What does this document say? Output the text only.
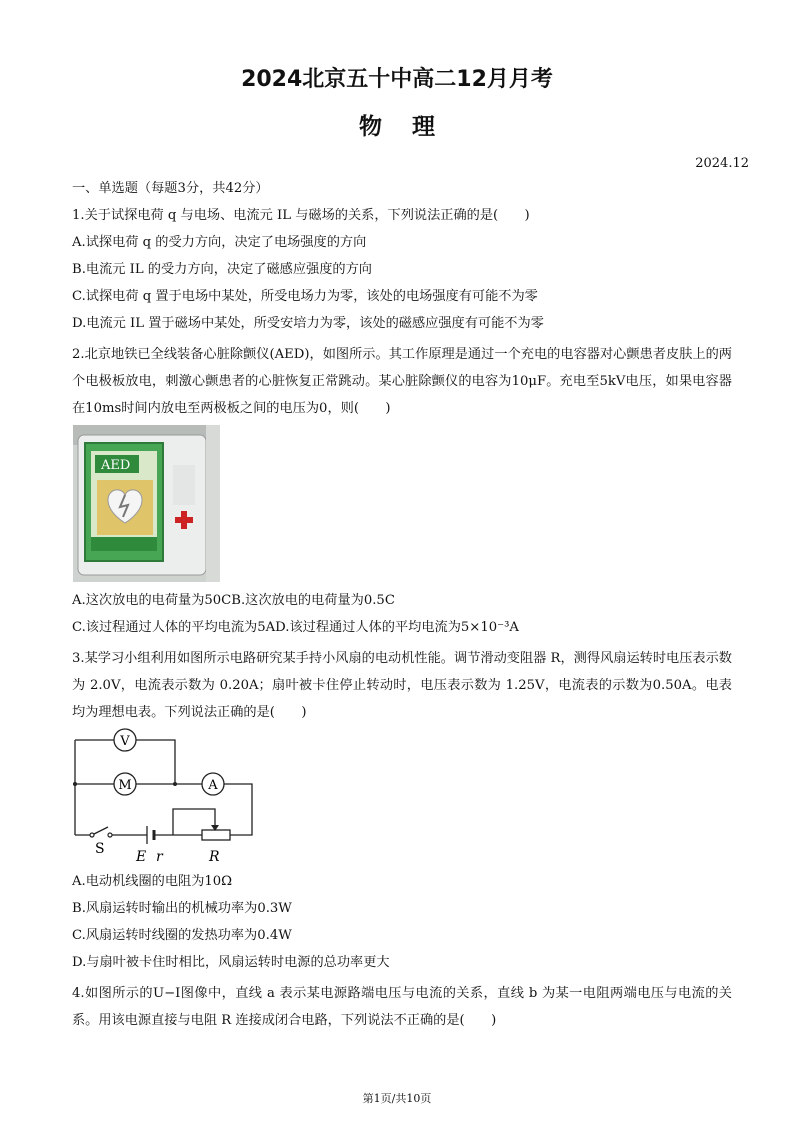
2024北京五十中高二12月月考
物理
2024.12
一、单选题（每题3分，共42分）
1.关于试探电荷 q 与电场、电流元 IL 与磁场的关系，下列说法正确的是(　　)
A.试探电荷 q 的受力方向，决定了电场强度的方向
B.电流元 IL 的受力方向，决定了磁感应强度的方向
C.试探电荷 q 置于电场中某处，所受电场力为零，该处的电场强度有可能不为零
D.电流元 IL 置于磁场中某处，所受安培力为零，该处的磁感应强度有可能不为零
2.北京地铁已全线装备心脏除颤仪(AED)，如图所示。其工作原理是通过一个充电的电容器对心颤患者皮肤上的两个电极板放电，刺激心颤患者的心脏恢复正常跳动。某心脏除颤仪的电容为10μF。充电至5kV电压，如果电容器在10ms时间内放电至两极板之间的电压为0，则(　　)
AED
A.这次放电的电荷量为50CB.这次放电的电荷量为0.5C
C.该过程通过人体的平均电流为5AD.该过程通过人体的平均电流为5×10⁻³A
3.某学习小组利用如图所示电路研究某手持小风扇的电动机性能。调节滑动变阻器 R，测得风扇运转时电压表示数为 2.0V，电流表示数为 0.20A；扇叶被卡住停止转动时，电压表示数为 1.25V，电流表的示数为0.50A。电表均为理想电表。下列说法正确的是(　　)
V
M	A
S E r	R
A.电动机线圈的电阻为10Ω
B.风扇运转时输出的机械功率为0.3W
C.风扇运转时线圈的发热功率为0.4W
D.与扇叶被卡住时相比，风扇运转时电源的总功率更大
4.如图所示的U−I图像中，直线 a 表示某电源路端电压与电流的关系，直线 b 为某一电阻两端电压与电流的关系。用该电源直接与电阻 R 连接成闭合电路，下列说法不正确的是(　　)
第1页/共10页
